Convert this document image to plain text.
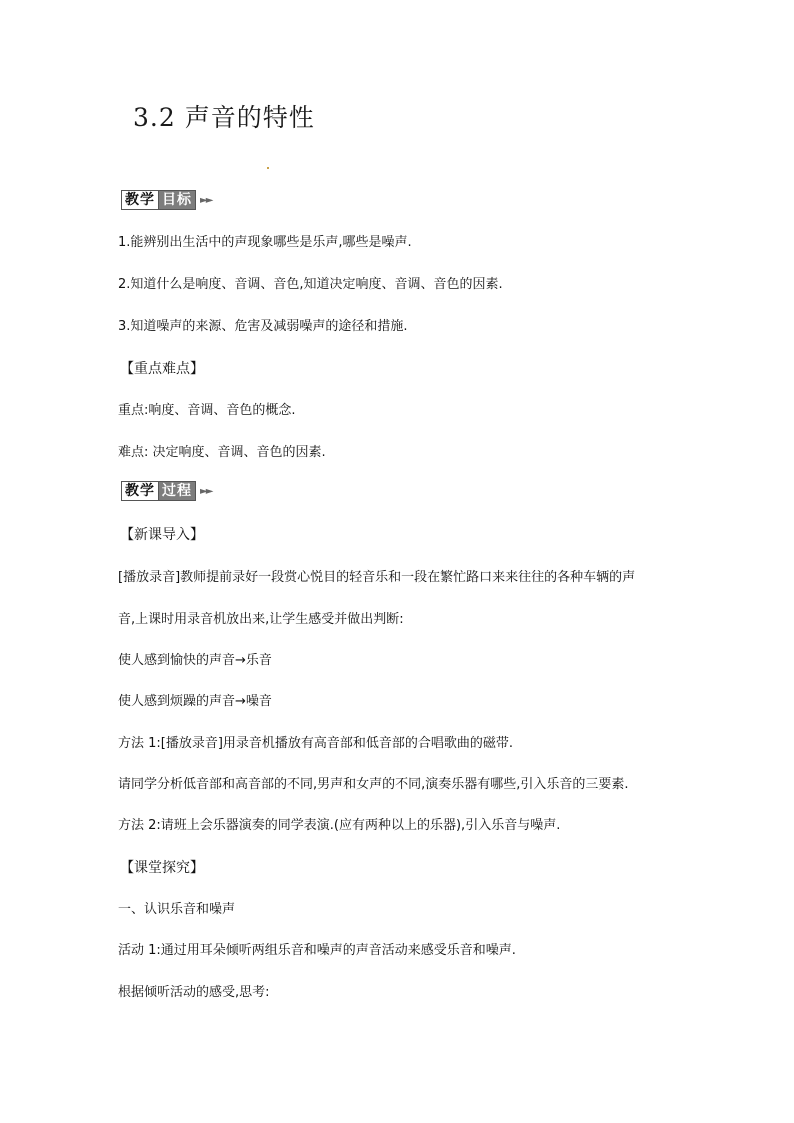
3.2 声音的特性
教学 目标 ►►
1.能辨别出生活中的声现象哪些是乐声,哪些是噪声.
2.知道什么是响度、音调、音色,知道决定响度、音调、音色的因素.
3.知道噪声的来源、危害及减弱噪声的途径和措施.
【重点难点】
重点:响度、音调、音色的概念.
难点: 决定响度、音调、音色的因素.
教学 过程 ►►
【新课导入】
[播放录音]教师提前录好一段赏心悦目的轻音乐和一段在繁忙路口来来往往的各种车辆的声
音,上课时用录音机放出来,让学生感受并做出判断:
使人感到愉快的声音→乐音
使人感到烦躁的声音→噪音
方法 1:[播放录音]用录音机播放有高音部和低音部的合唱歌曲的磁带.
请同学分析低音部和高音部的不同,男声和女声的不同,演奏乐器有哪些,引入乐音的三要素.
方法 2:请班上会乐器演奏的同学表演.(应有两种以上的乐器),引入乐音与噪声.
【课堂探究】
一、认识乐音和噪声
活动 1:通过用耳朵倾听两组乐音和噪声的声音活动来感受乐音和噪声.
根据倾听活动的感受,思考:
